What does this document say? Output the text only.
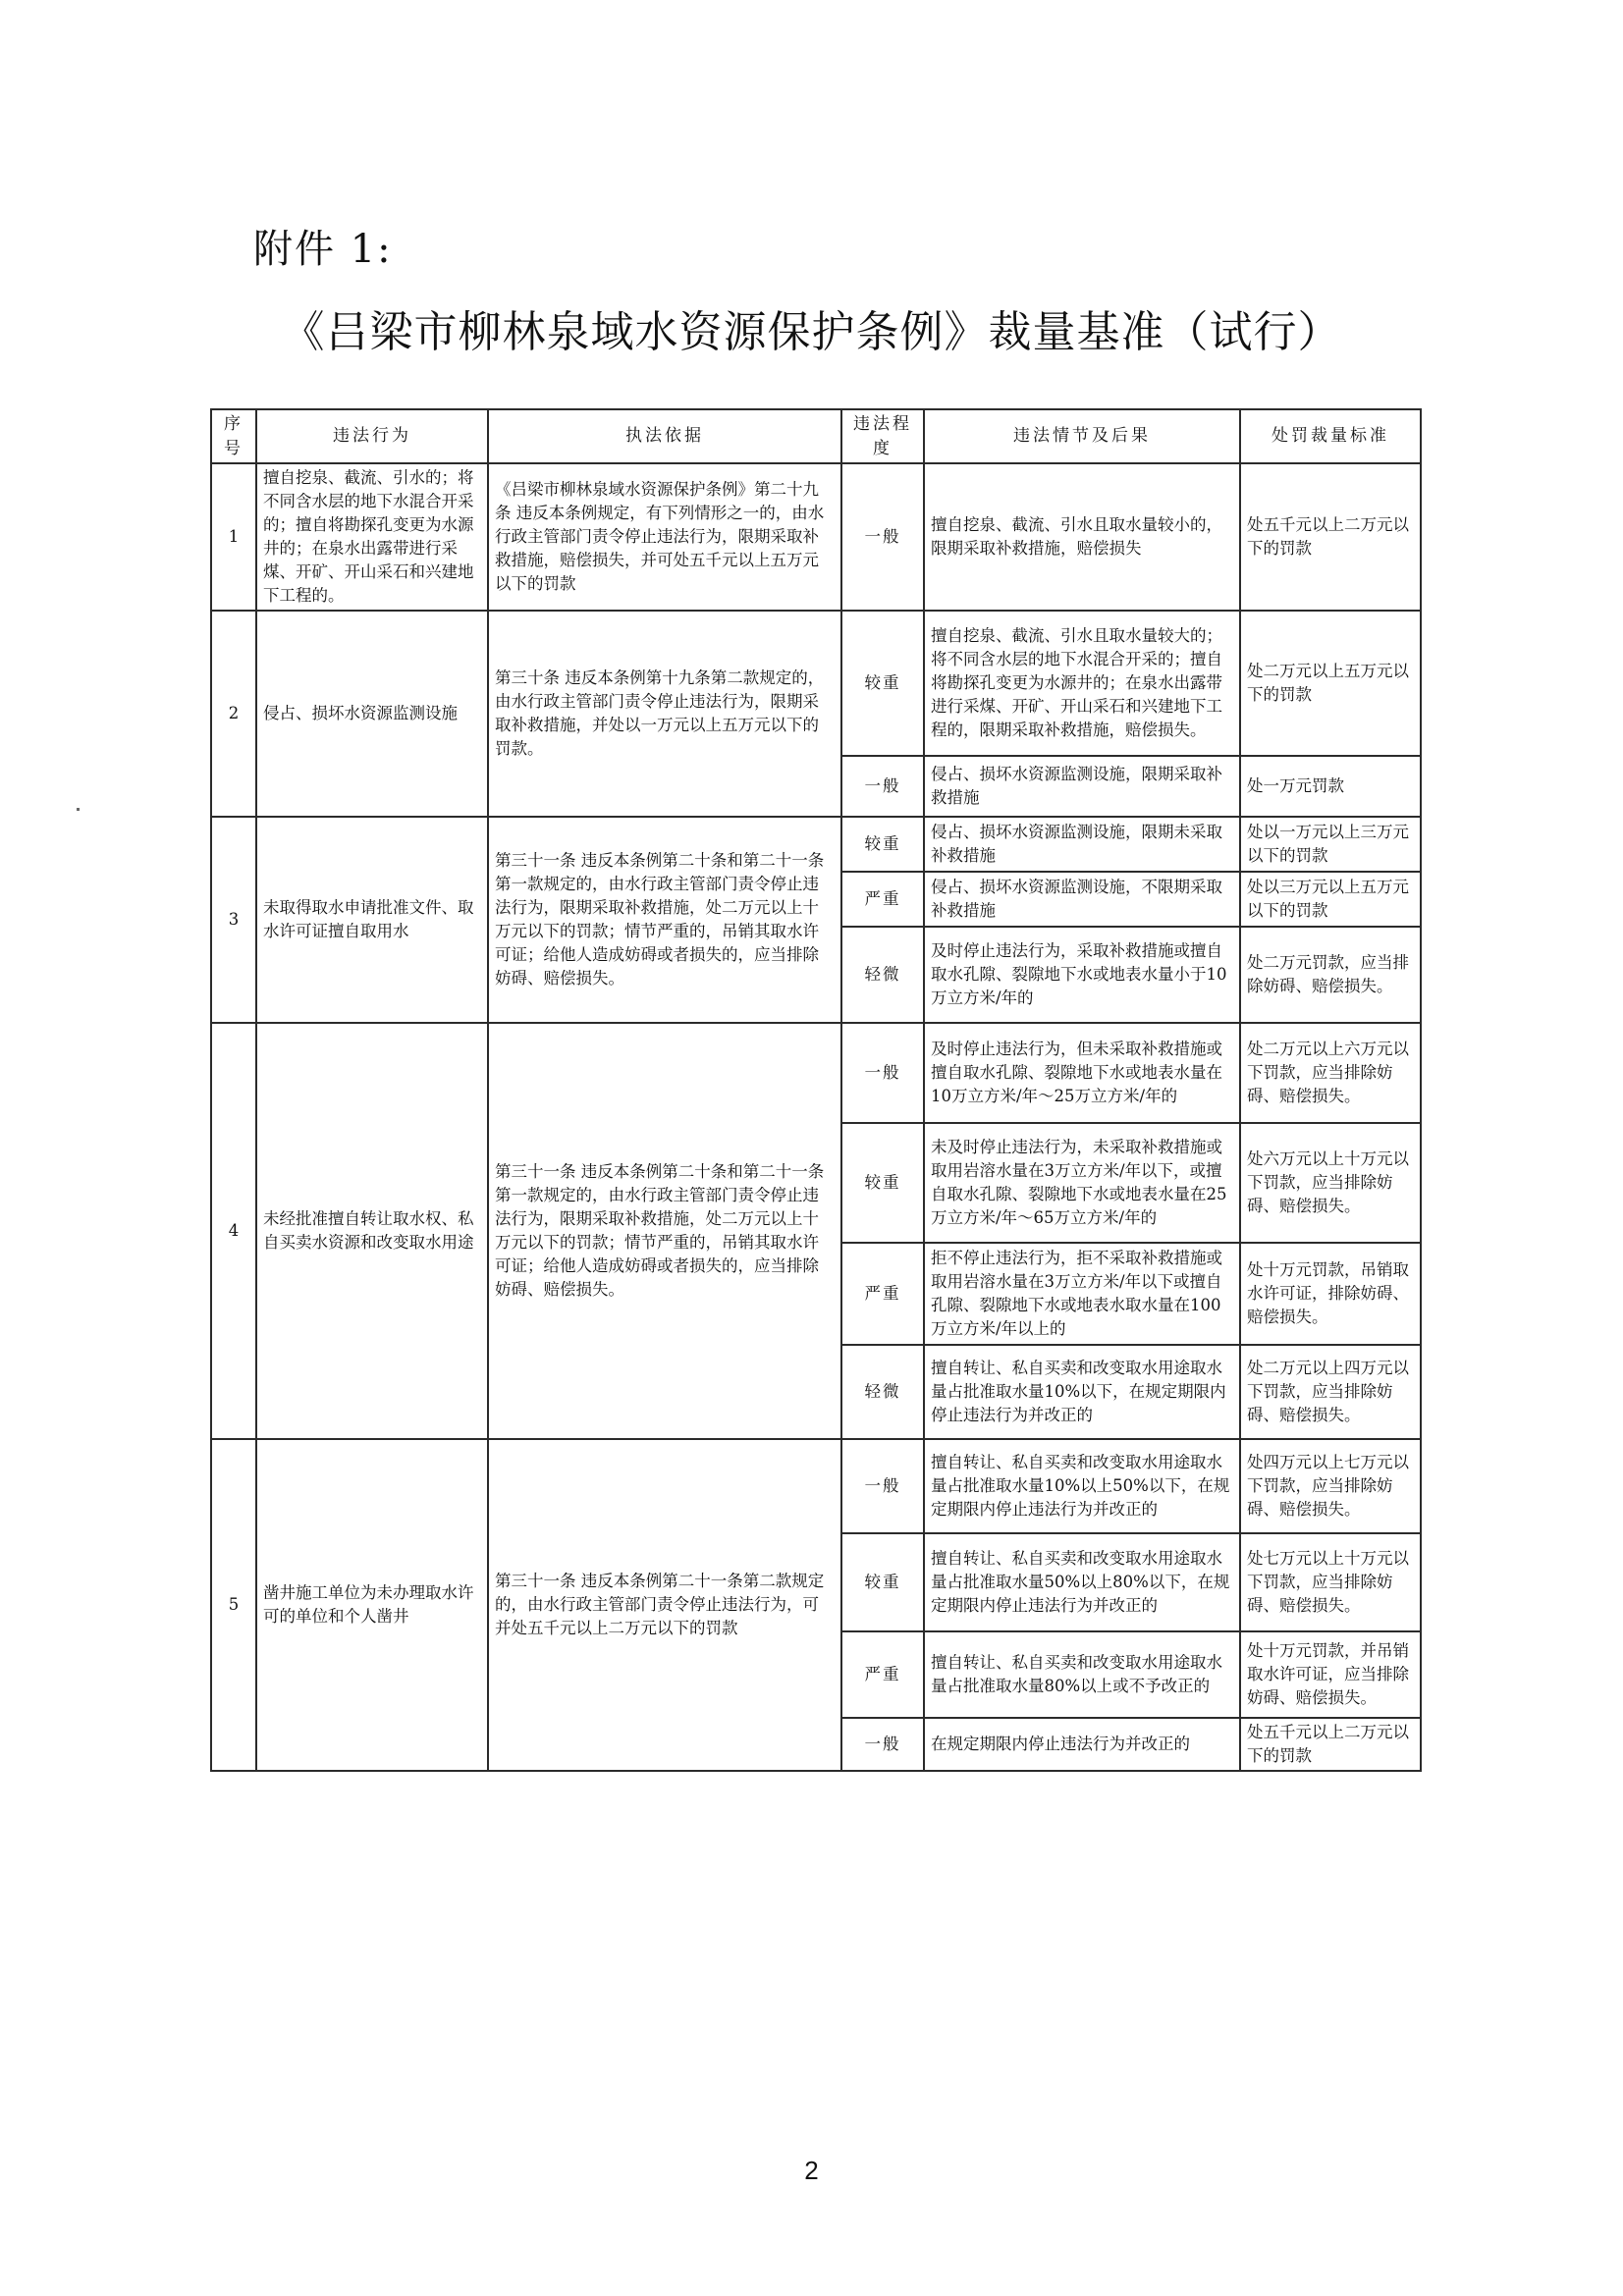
附件 1:
《吕梁市柳林泉域水资源保护条例》裁量基准（试行）
序号	违法行为	执法依据	违法程度	违法情节及后果	处罚裁量标准
1	擅自挖泉、截流、引水的；将不同含水层的地下水混合开采的；擅自将勘探孔变更为水源井的；在泉水出露带进行采煤、开矿、开山采石和兴建地下工程的。	《吕梁市柳林泉域水资源保护条例》第二十九条 违反本条例规定，有下列情形之一的，由水行政主管部门责令停止违法行为，限期采取补救措施，赔偿损失，并可处五千元以上五万元以下的罚款	一般	擅自挖泉、截流、引水且取水量较小的，限期采取补救措施，赔偿损失	处五千元以上二万元以下的罚款
2	侵占、损坏水资源监测设施	第三十条 违反本条例第十九条第二款规定的，由水行政主管部门责令停止违法行为，限期采取补救措施，并处以一万元以上五万元以下的罚款。	较重	擅自挖泉、截流、引水且取水量较大的；将不同含水层的地下水混合开采的；擅自将勘探孔变更为水源井的；在泉水出露带进行采煤、开矿、开山采石和兴建地下工程的，限期采取补救措施，赔偿损失。	处二万元以上五万元以下的罚款
			一般	侵占、损坏水资源监测设施，限期采取补救措施	处一万元罚款
3	未取得取水申请批准文件、取水许可证擅自取用水	第三十一条 违反本条例第二十条和第二十一条第一款规定的，由水行政主管部门责令停止违法行为，限期采取补救措施，处二万元以上十万元以下的罚款；情节严重的，吊销其取水许可证；给他人造成妨碍或者损失的，应当排除妨碍、赔偿损失。	较重	侵占、损坏水资源监测设施，限期未采取补救措施	处以一万元以上三万元以下的罚款
			严重	侵占、损坏水资源监测设施，不限期采取补救措施	处以三万元以上五万元以下的罚款
			轻微	及时停止违法行为，采取补救措施或擅自取水孔隙、裂隙地下水或地表水量小于10万立方米/年的	处二万元罚款，应当排除妨碍、赔偿损失。
4	未经批准擅自转让取水权、私自买卖水资源和改变取水用途	第三十一条 违反本条例第二十条和第二十一条第一款规定的，由水行政主管部门责令停止违法行为，限期采取补救措施，处二万元以上十万元以下的罚款；情节严重的，吊销其取水许可证；给他人造成妨碍或者损失的，应当排除妨碍、赔偿损失。	一般	及时停止违法行为，但未采取补救措施或擅自取水孔隙、裂隙地下水或地表水量在10万立方米/年～25万立方米/年的	处二万元以上六万元以下罚款，应当排除妨碍、赔偿损失。
			较重	未及时停止违法行为，未采取补救措施或取用岩溶水量在3万立方米/年以下，或擅自取水孔隙、裂隙地下水或地表水量在25万立方米/年～65万立方米/年的	处六万元以上十万元以下罚款，应当排除妨碍、赔偿损失。
			严重	拒不停止违法行为，拒不采取补救措施或取用岩溶水量在3万立方米/年以下或擅自孔隙、裂隙地下水或地表水取水量在100万立方米/年以上的	处十万元罚款，吊销取水许可证，排除妨碍、赔偿损失。
			轻微	擅自转让、私自买卖和改变取水用途取水量占批准取水量10%以下，在规定期限内停止违法行为并改正的	处二万元以上四万元以下罚款，应当排除妨碍、赔偿损失。
5	凿井施工单位为未办理取水许可的单位和个人凿井	第三十一条 违反本条例第二十一条第二款规定的，由水行政主管部门责令停止违法行为，可并处五千元以上二万元以下的罚款	一般	擅自转让、私自买卖和改变取水用途取水量占批准取水量10%以上50%以下，在规定期限内停止违法行为并改正的	处四万元以上七万元以下罚款，应当排除妨碍、赔偿损失。
			较重	擅自转让、私自买卖和改变取水用途取水量占批准取水量50%以上80%以下，在规定期限内停止违法行为并改正的	处七万元以上十万元以下罚款，应当排除妨碍、赔偿损失。
			严重	擅自转让、私自买卖和改变取水用途取水量占批准取水量80%以上或不予改正的	处十万元罚款，并吊销取水许可证，应当排除妨碍、赔偿损失。
			一般	在规定期限内停止违法行为并改正的	处五千元以上二万元以下的罚款
2
